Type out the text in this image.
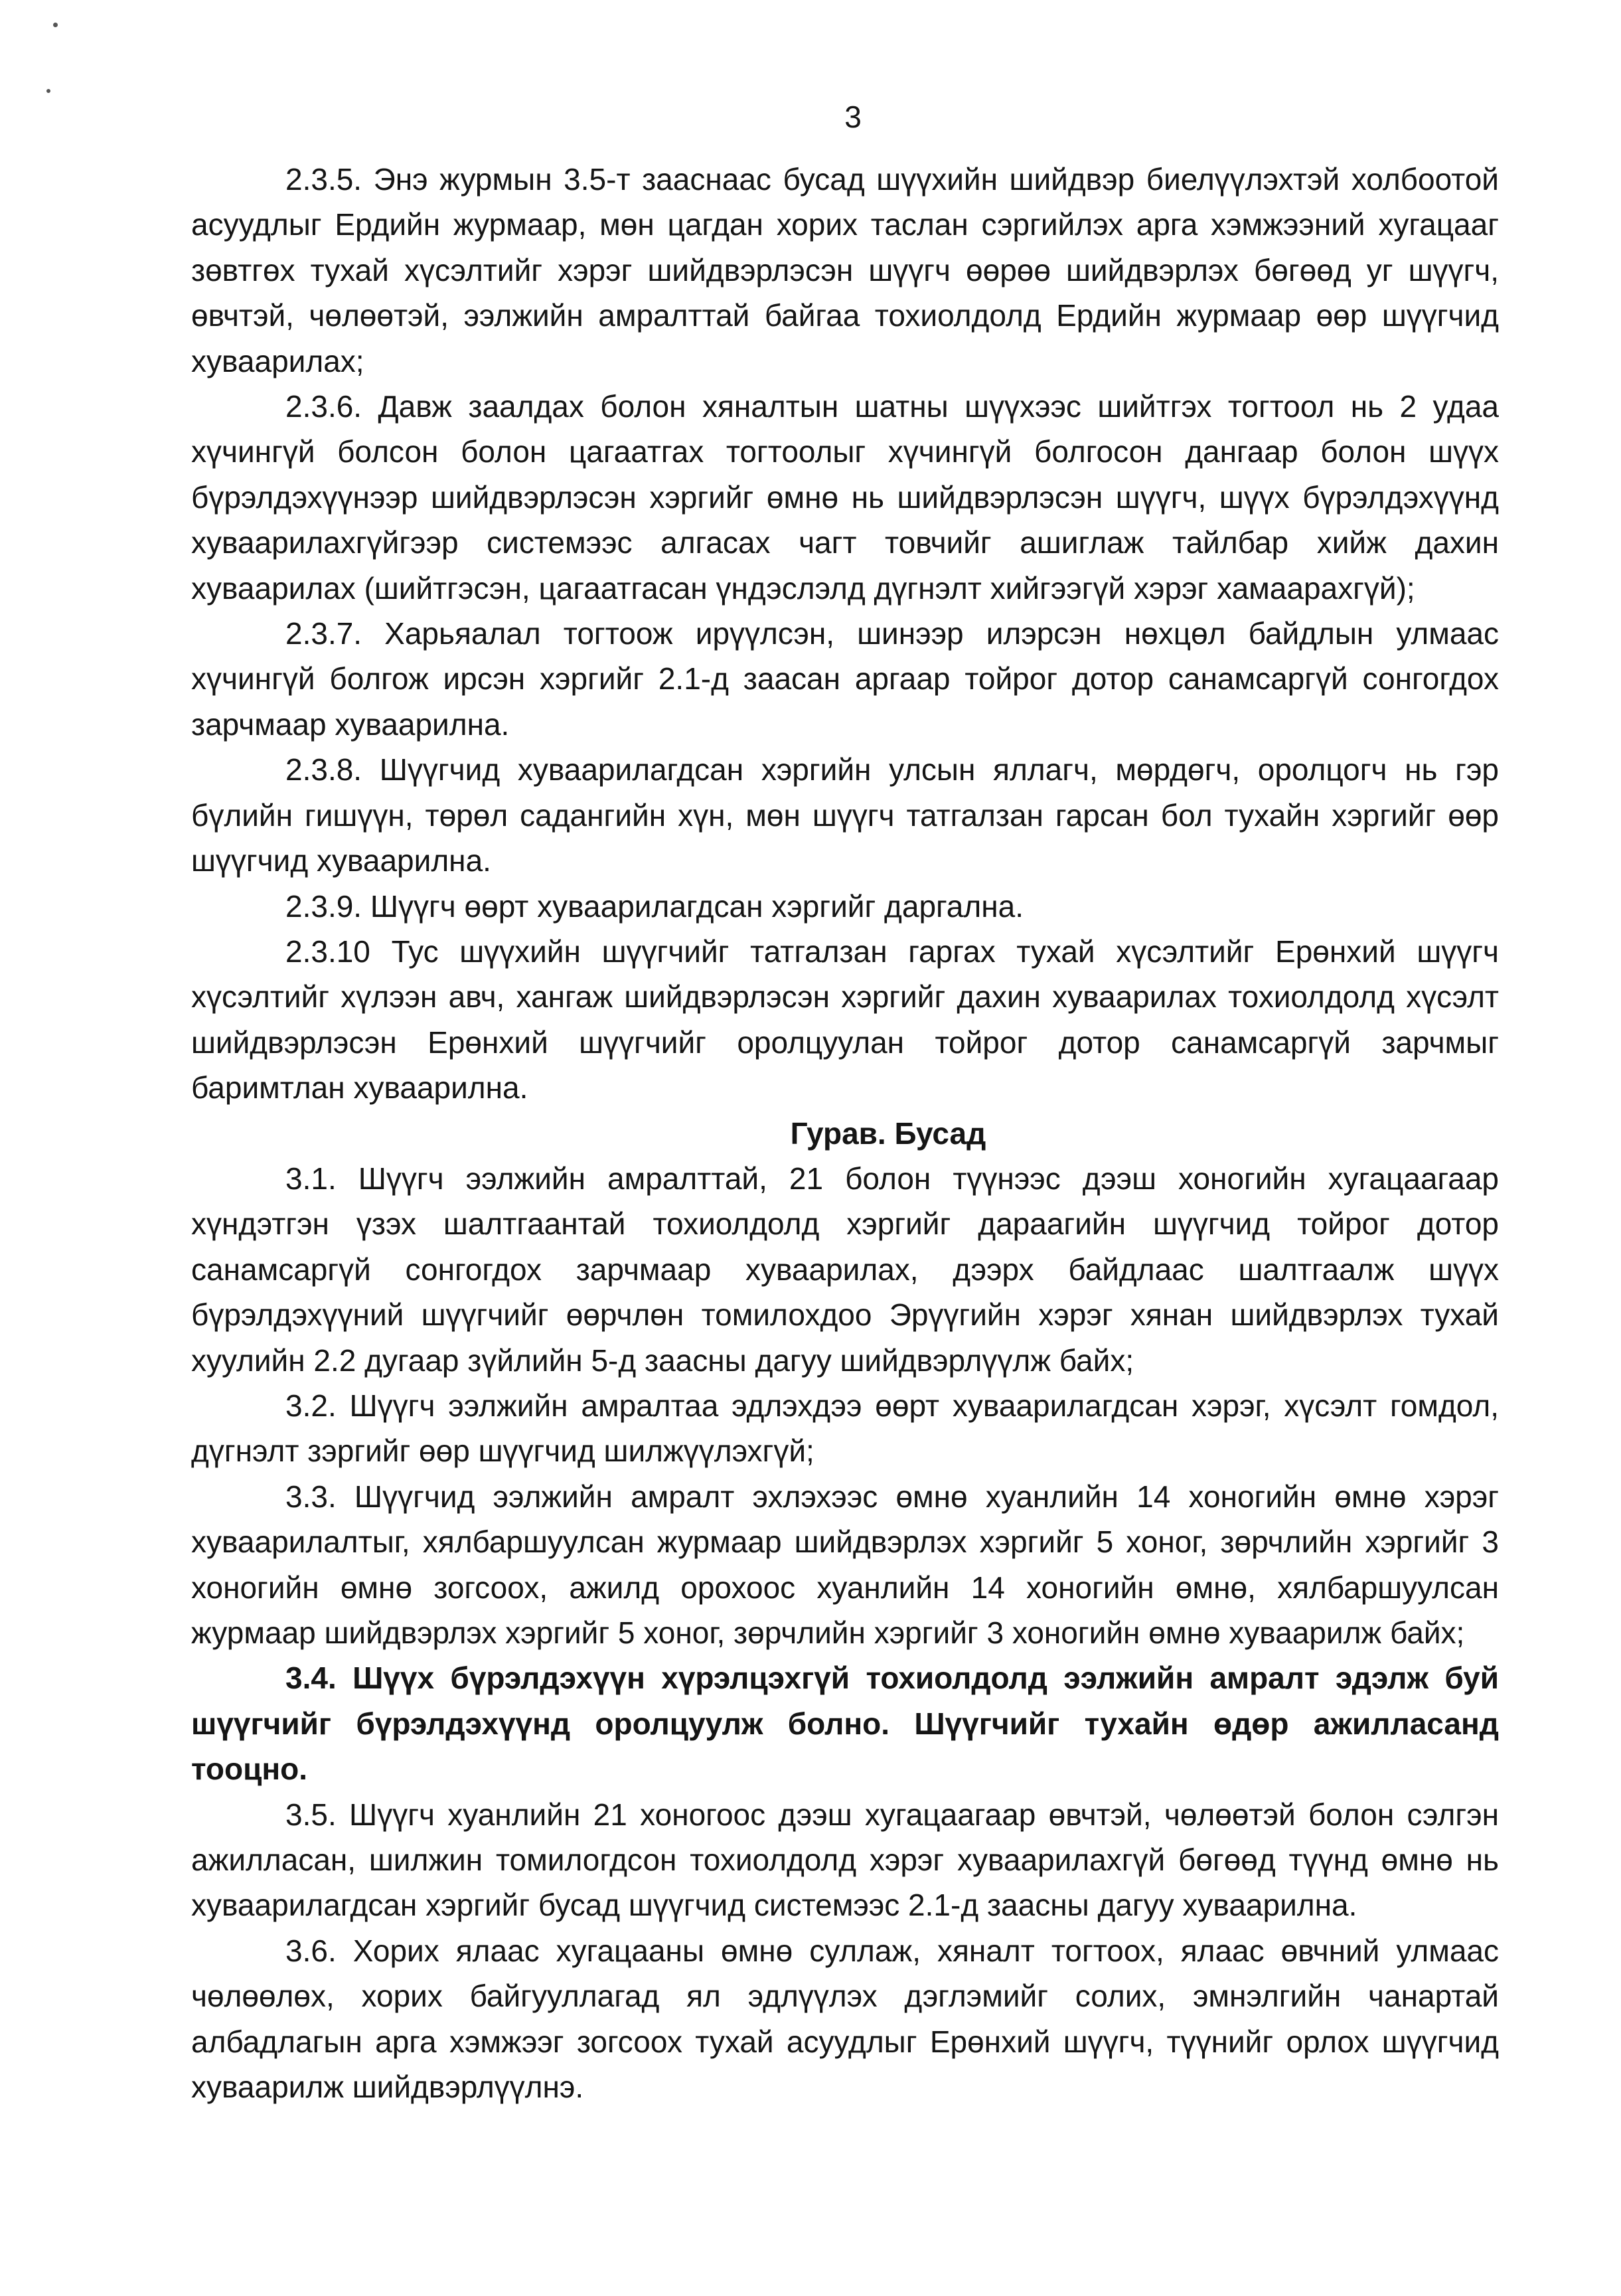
3

2.3.5. Энэ журмын 3.5-т зааснаас бусад шүүхийн шийдвэр биелүүлэхтэй холбоотой асуудлыг Ердийн журмаар, мөн цагдан хорих таслан сэргийлэх арга хэмжээний хугацааг зөвтгөх тухай хүсэлтийг хэрэг шийдвэрлэсэн шүүгч өөрөө шийдвэрлэх бөгөөд уг шүүгч, өвчтэй, чөлөөтэй, ээлжийн амралттай байгаа тохиолдолд Ердийн журмаар өөр шүүгчид хуваарилах;

2.3.6. Давж заалдах болон хяналтын шатны шүүхээс шийтгэх тогтоол нь 2 удаа хүчингүй болсон болон цагаатгах тогтоолыг хүчингүй болгосон дангаар болон шүүх бүрэлдэхүүнээр шийдвэрлэсэн хэргийг өмнө нь шийдвэрлэсэн шүүгч, шүүх бүрэлдэхүүнд хуваарилахгүйгээр системээс алгасах чагт товчийг ашиглаж тайлбар хийж дахин хуваарилах (шийтгэсэн, цагаатгасан үндэслэлд дүгнэлт хийгээгүй хэрэг хамаарахгүй);

2.3.7. Харьяалал тогтоож ирүүлсэн, шинээр илэрсэн нөхцөл байдлын улмаас хүчингүй болгож ирсэн хэргийг 2.1-д заасан аргаар тойрог дотор санамсаргүй сонгогдох зарчмаар хуваарилна.

2.3.8. Шүүгчид хуваарилагдсан хэргийн улсын яллагч, мөрдөгч, оролцогч нь гэр бүлийн гишүүн, төрөл садангийн хүн, мөн шүүгч татгалзан гарсан бол тухайн хэргийг өөр шүүгчид хуваарилна.

2.3.9. Шүүгч өөрт хуваарилагдсан хэргийг даргална.

2.3.10 Тус шүүхийн шүүгчийг татгалзан гаргах тухай хүсэлтийг Ерөнхий шүүгч хүсэлтийг хүлээн авч, хангаж шийдвэрлэсэн хэргийг дахин хуваарилах тохиолдолд хүсэлт шийдвэрлэсэн Ерөнхий шүүгчийг оролцуулан тойрог дотор санамсаргүй зарчмыг баримтлан хуваарилна.

Гурав. Бусад

3.1. Шүүгч ээлжийн амралттай, 21 болон түүнээс дээш хоногийн хугацаагаар хүндэтгэн үзэх шалтгаантай тохиолдолд хэргийг дараагийн шүүгчид тойрог дотор санамсаргүй сонгогдох зарчмаар хуваарилах, дээрх байдлаас шалтгаалж шүүх бүрэлдэхүүний шүүгчийг өөрчлөн томилохдоо Эрүүгийн хэрэг хянан шийдвэрлэх тухай хуулийн 2.2 дугаар зүйлийн 5-д заасны дагуу шийдвэрлүүлж байх;

3.2. Шүүгч ээлжийн амралтаа эдлэхдээ өөрт хуваарилагдсан хэрэг, хүсэлт гомдол, дүгнэлт зэргийг өөр шүүгчид шилжүүлэхгүй;

3.3. Шүүгчид ээлжийн амралт эхлэхээс өмнө хуанлийн 14 хоногийн өмнө хэрэг хуваарилалтыг, хялбаршуулсан журмаар шийдвэрлэх хэргийг 5 хоног, зөрчлийн хэргийг 3 хоногийн өмнө зогсоох, ажилд орохоос хуанлийн 14 хоногийн өмнө, хялбаршуулсан журмаар шийдвэрлэх хэргийг 5 хоног, зөрчлийн хэргийг 3 хоногийн өмнө хуваарилж байх;

3.4. Шүүх бүрэлдэхүүн хүрэлцэхгүй тохиолдолд ээлжийн амралт эдэлж буй шүүгчийг бүрэлдэхүүнд оролцуулж болно. Шүүгчийг тухайн өдөр ажилласанд тооцно.

3.5. Шүүгч хуанлийн 21 хоногоос дээш хугацаагаар өвчтэй, чөлөөтэй болон сэлгэн ажилласан, шилжин томилогдсон тохиолдолд хэрэг хуваарилахгүй бөгөөд түүнд өмнө нь хуваарилагдсан хэргийг бусад шүүгчид системээс 2.1-д заасны дагуу хуваарилна.

3.6. Хорих ялаас хугацааны өмнө суллаж, хяналт тогтоох, ялаас өвчний улмаас чөлөөлөх, хорих байгууллагад ял эдлүүлэх дэглэмийг солих, эмнэлгийн чанартай албадлагын арга хэмжээг зогсоох тухай асуудлыг Ерөнхий шүүгч, түүнийг орлох шүүгчид хуваарилж шийдвэрлүүлнэ.
